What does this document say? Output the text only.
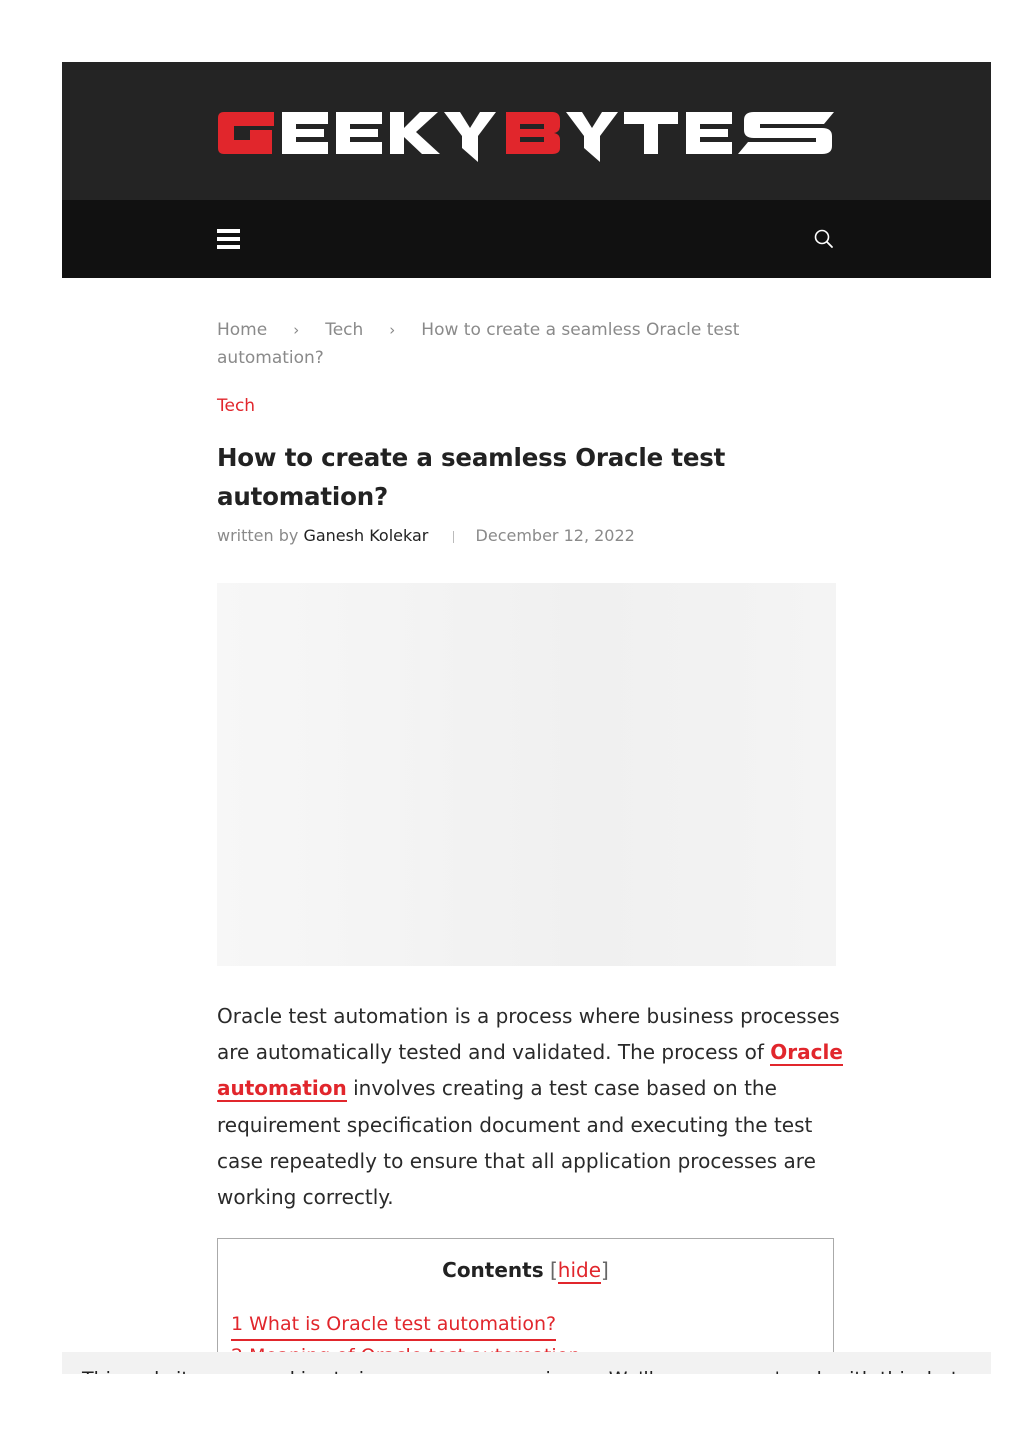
Home › Tech › How to create a seamless Oracle test automation?
Tech
How to create a seamless Oracle test automation?
written by Ganesh Kolekar	December 12, 2022

Oracle test automation is a process where business processes are automatically tested and validated. The process of Oracle automation involves creating a test case based on the requirement specification document and executing the test case repeatedly to ensure that all application processes are working correctly.

Contents [hide]
1 What is Oracle test automation?
